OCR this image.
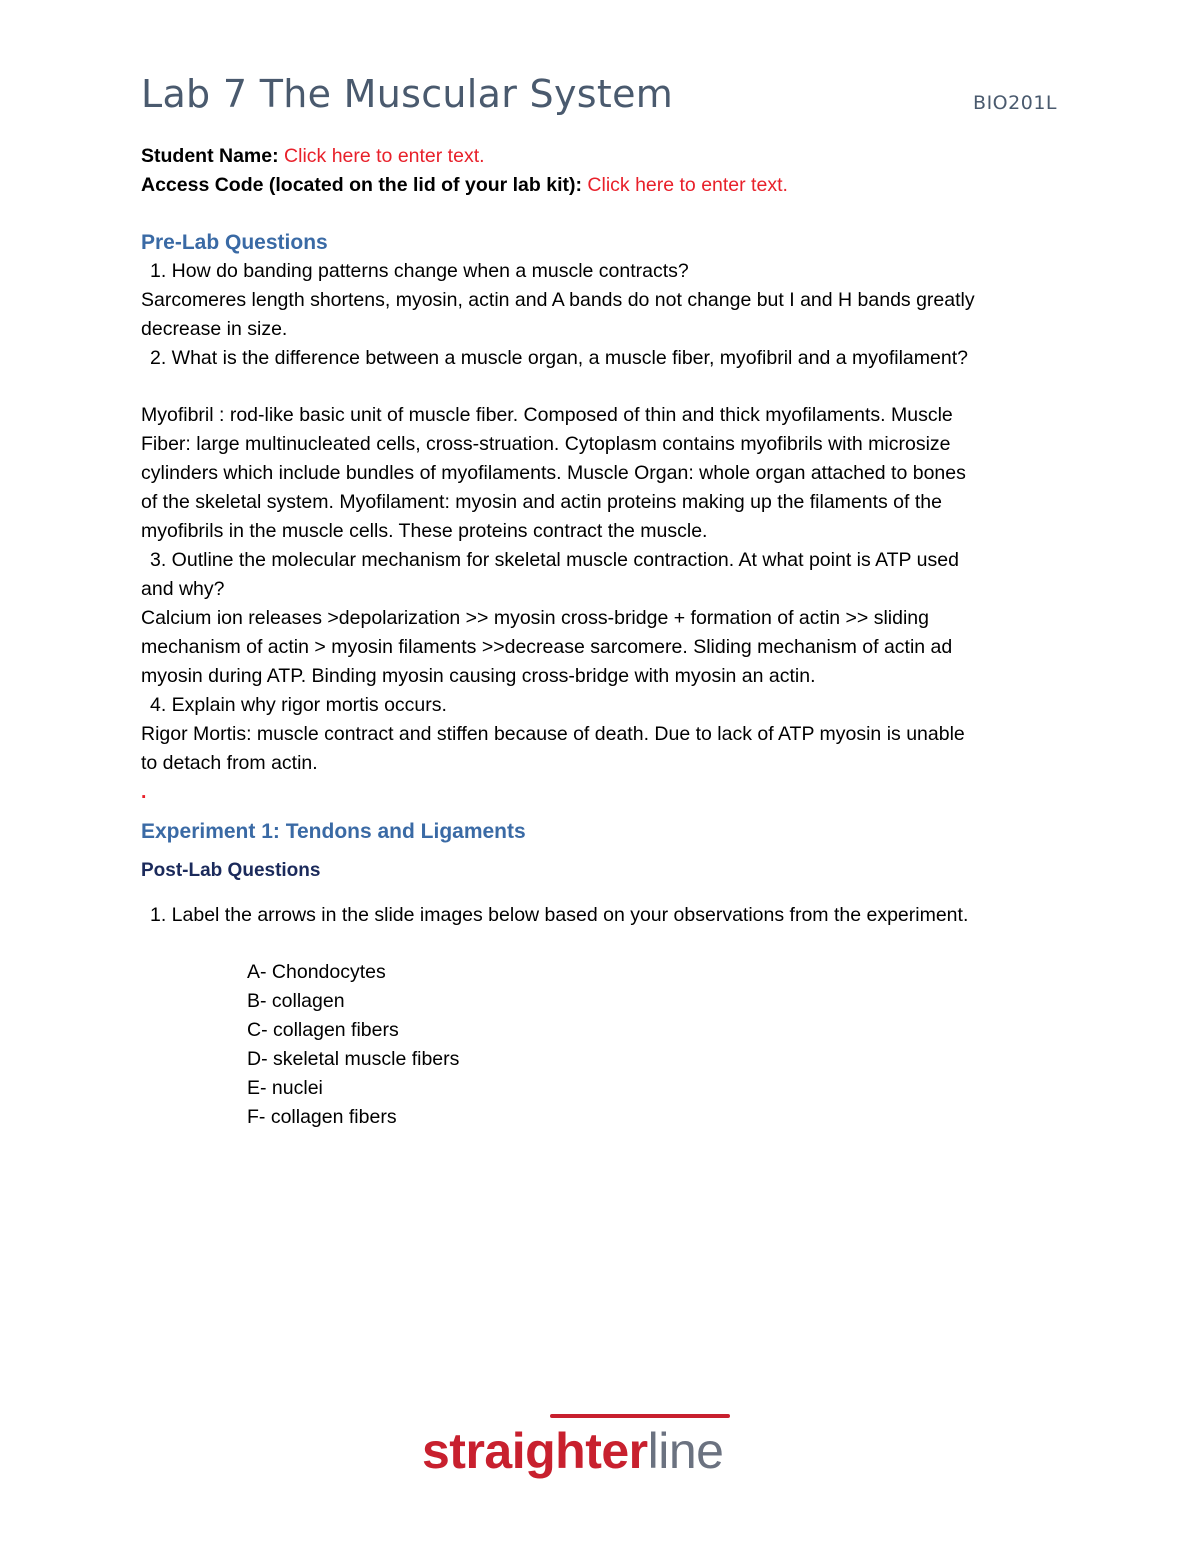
Lab 7 The Muscular System	BIO201L

Student Name: Click here to enter text.

Access Code (located on the lid of your lab kit): Click here to enter text.

Pre-Lab Questions

1. How do banding patterns change when a muscle contracts?

Sarcomeres length shortens, myosin, actin and A bands do not change but I and H bands greatly

decrease in size.

2. What is the difference between a muscle organ, a muscle fiber, myofibril and a myofilament?

Myofibril : rod-like basic unit of muscle fiber. Composed of thin and thick myofilaments. Muscle

Fiber: large multinucleated cells, cross-struation. Cytoplasm contains myofibrils with microsize

cylinders which include bundles of myofilaments. Muscle Organ: whole organ attached to bones

of the skeletal system. Myofilament: myosin and actin proteins making up the filaments of the

myofibrils in the muscle cells. These proteins contract the muscle.

3. Outline the molecular mechanism for skeletal muscle contraction. At what point is ATP used

and why?

Calcium ion releases >depolarization >> myosin cross-bridge + formation of actin >> sliding

mechanism of actin > myosin filaments >>decrease sarcomere. Sliding mechanism of actin ad

myosin during ATP. Binding myosin causing cross-bridge with myosin an actin.

4. Explain why rigor mortis occurs.

Rigor Mortis: muscle contract and stiffen because of death. Due to lack of ATP myosin is unable

to detach from actin.

.

Experiment 1: Tendons and Ligaments

Post-Lab Questions

1. Label the arrows in the slide images below based on your observations from the experiment.

A- Chondocytes

B- collagen

C- collagen fibers

D- skeletal muscle fibers

E- nuclei

F- collagen fibers

straighterline
